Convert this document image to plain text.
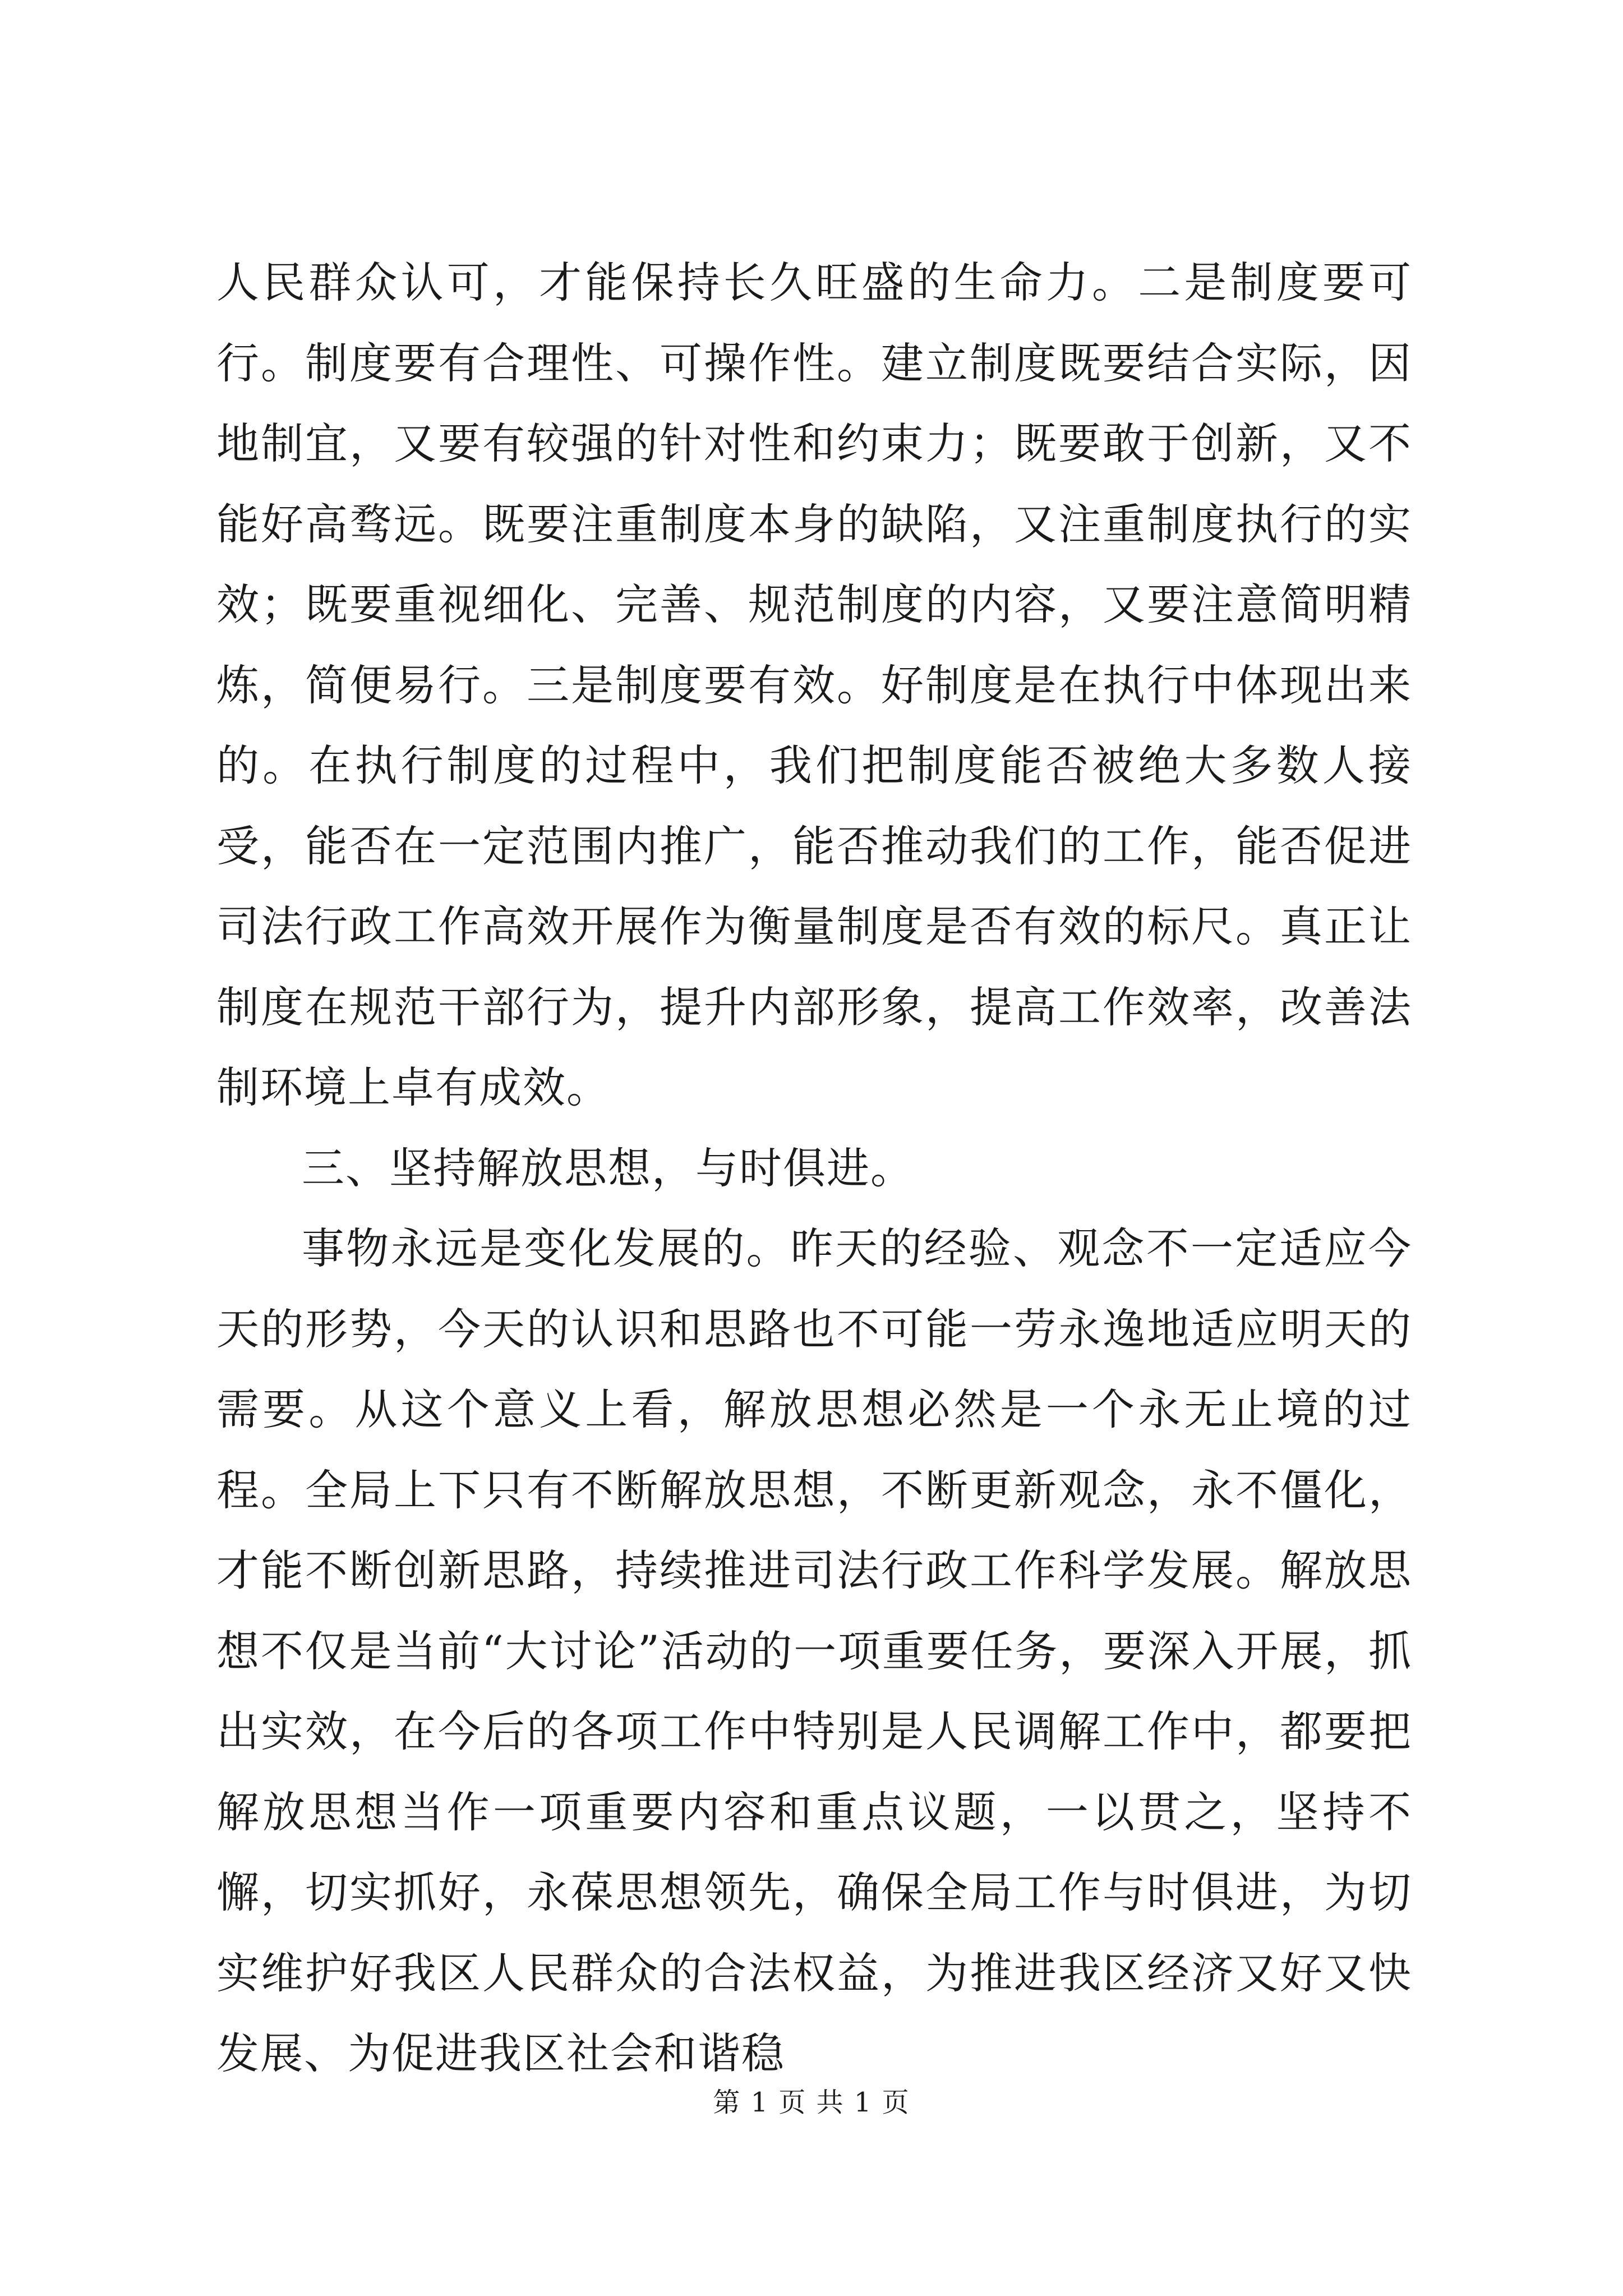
人民群众认可，才能保持长久旺盛的生命力。二是制度要可行。制度要有合理性、可操作性。建立制度既要结合实际，因地制宜，又要有较强的针对性和约束力；既要敢于创新，又不能好高骛远。既要注重制度本身的缺陷，又注重制度执行的实效；既要重视细化、完善、规范制度的内容，又要注意简明精炼，简便易行。三是制度要有效。好制度是在执行中体现出来的。在执行制度的过程中，我们把制度能否被绝大多数人接受，能否在一定范围内推广，能否推动我们的工作，能否促进司法行政工作高效开展作为衡量制度是否有效的标尺。真正让制度在规范干部行为，提升内部形象，提高工作效率，改善法制环境上卓有成效。

三、坚持解放思想，与时俱进。

事物永远是变化发展的。昨天的经验、观念不一定适应今天的形势，今天的认识和思路也不可能一劳永逸地适应明天的需要。从这个意义上看，解放思想必然是一个永无止境的过程。全局上下只有不断解放思想，不断更新观念，永不僵化，才能不断创新思路，持续推进司法行政工作科学发展。解放思想不仅是当前“大讨论”活动的一项重要任务，要深入开展，抓出实效，在今后的各项工作中特别是人民调解工作中，都要把解放思想当作一项重要内容和重点议题，一以贯之，坚持不懈，切实抓好，永葆思想领先，确保全局工作与时俱进，为切实维护好我区人民群众的合法权益，为推进我区经济又好又快发展、为促进我区社会和谐稳

第 1 页 共 1 页
